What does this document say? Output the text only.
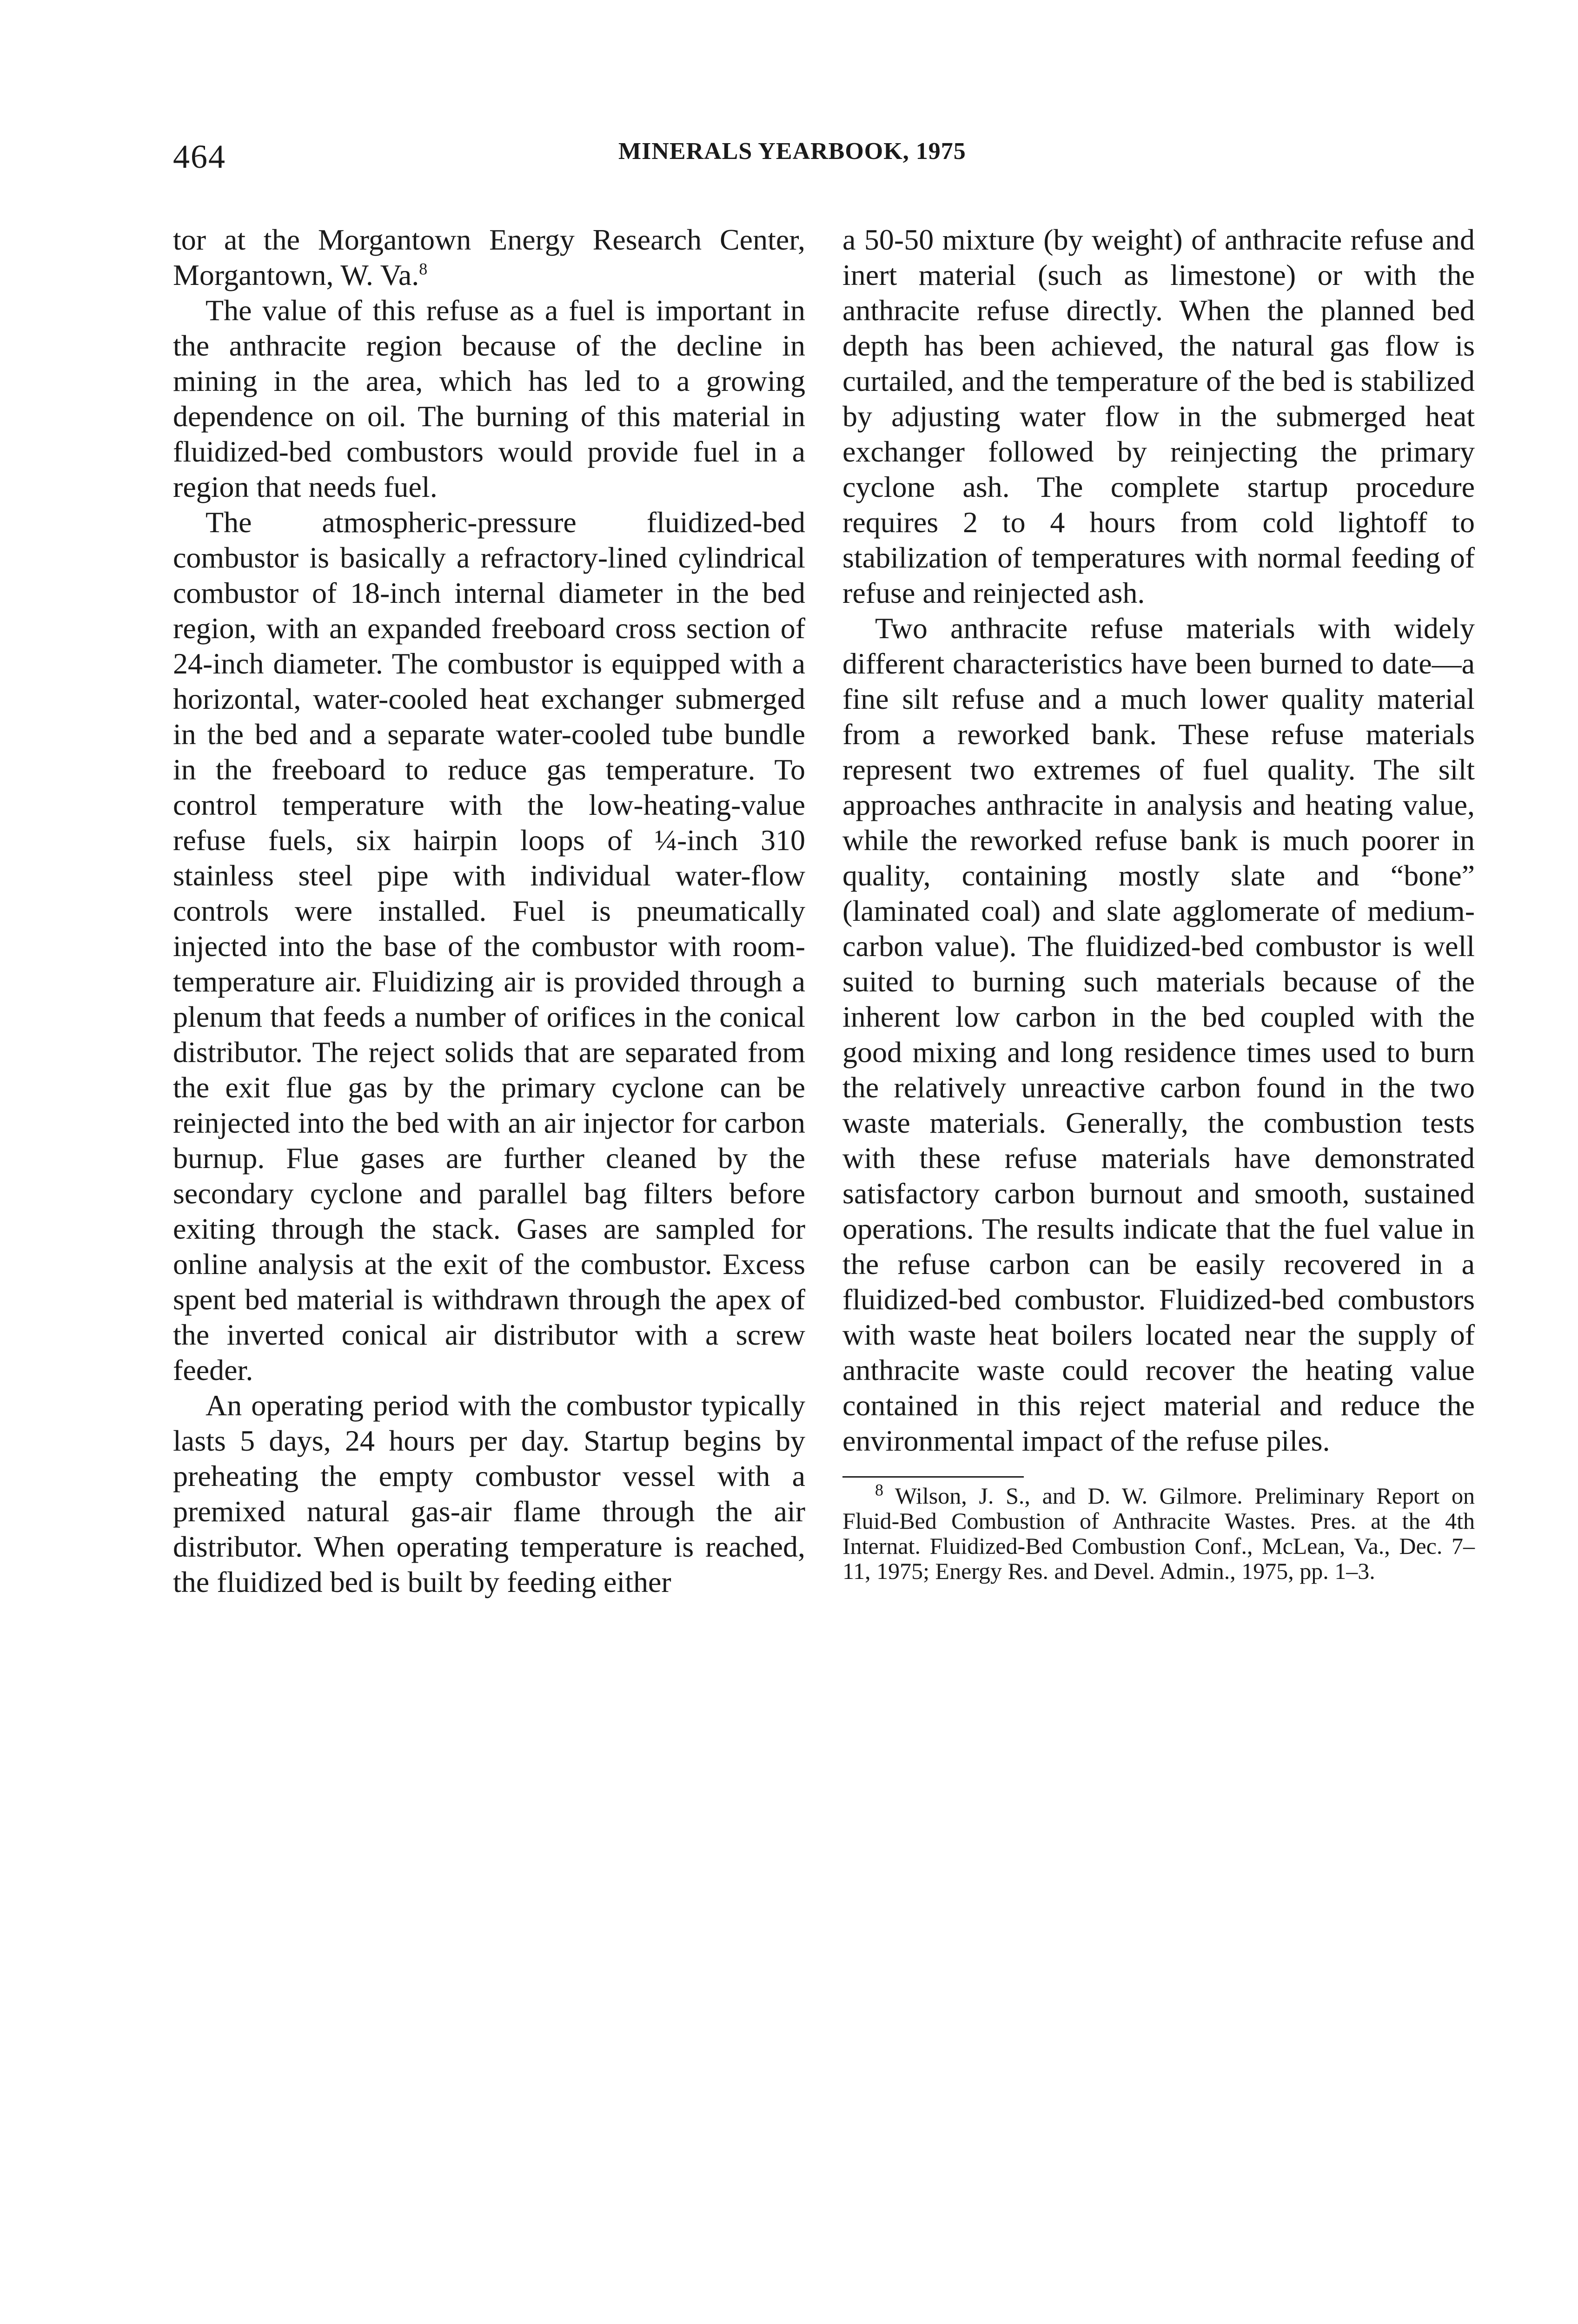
464	MINERALS YEARBOOK, 1975

tor at the Morgantown Energy Research Center, Morgantown, W. Va.$^8$

The value of this refuse as a fuel is important in the anthracite region because of the decline in mining in the area, which has led to a growing dependence on oil. The burning of this material in fluidized-bed combustors would provide fuel in a region that needs fuel.

The atmospheric-pressure fluidized-bed combustor is basically a refractory-lined cylindrical combustor of 18-inch internal diameter in the bed region, with an expanded freeboard cross section of 24-inch diameter. The combustor is equipped with a horizontal, water-cooled heat exchanger submerged in the bed and a separate water-cooled tube bundle in the freeboard to reduce gas temperature. To control temperature with the low-heating-value refuse fuels, six hairpin loops of ¼-inch 310 stainless steel pipe with individual water-flow controls were installed. Fuel is pneumatically injected into the base of the combustor with room-temperature air. Fluidizing air is provided through a plenum that feeds a number of orifices in the conical distributor. The reject solids that are separated from the exit flue gas by the primary cyclone can be reinjected into the bed with an air injector for carbon burnup. Flue gases are further cleaned by the secondary cyclone and parallel bag filters before exiting through the stack. Gases are sampled for online analysis at the exit of the combustor. Excess spent bed material is withdrawn through the apex of the inverted conical air distributor with a screw feeder.

An operating period with the combustor typically lasts 5 days, 24 hours per day. Startup begins by preheating the empty combustor vessel with a premixed natural gas-air flame through the air distributor. When operating temperature is reached, the fluidized bed is built by feeding either

a 50-50 mixture (by weight) of anthracite refuse and inert material (such as limestone) or with the anthracite refuse directly. When the planned bed depth has been achieved, the natural gas flow is curtailed, and the temperature of the bed is stabilized by adjusting water flow in the submerged heat exchanger followed by reinjecting the primary cyclone ash. The complete startup procedure requires 2 to 4 hours from cold lightoff to stabilization of temperatures with normal feeding of refuse and reinjected ash.

Two anthracite refuse materials with widely different characteristics have been burned to date—a fine silt refuse and a much lower quality material from a reworked bank. These refuse materials represent two extremes of fuel quality. The silt approaches anthracite in analysis and heating value, while the reworked refuse bank is much poorer in quality, containing mostly slate and “bone” (laminated coal) and slate agglomerate of medium-carbon value). The fluidized-bed combustor is well suited to burning such materials because of the inherent low carbon in the bed coupled with the good mixing and long residence times used to burn the relatively unreactive carbon found in the two waste materials. Generally, the combustion tests with these refuse materials have demonstrated satisfactory carbon burnout and smooth, sustained operations. The results indicate that the fuel value in the refuse carbon can be easily recovered in a fluidized-bed combustor. Fluidized-bed combustors with waste heat boilers located near the supply of anthracite waste could recover the heating value contained in this reject material and reduce the environmental impact of the refuse piles.

$^8$ Wilson, J. S., and D. W. Gilmore. Preliminary Report on Fluid-Bed Combustion of Anthracite Wastes. Pres. at the 4th Internat. Fluidized-Bed Combustion Conf., McLean, Va., Dec. 7–11, 1975; Energy Res. and Devel. Admin., 1975, pp. 1–3.
